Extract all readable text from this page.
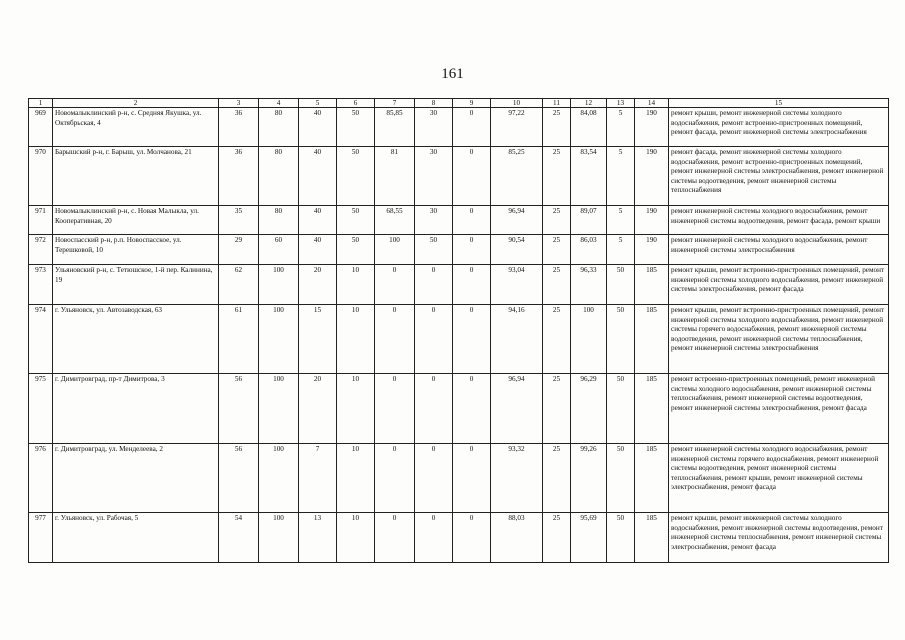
161
1	2	3	4	5	6	7	8	9	10	11	12	13	14	15
969	Новомалыклинский р-н, с. Средняя Якушка, ул. Октябрьская, 4	36	80	40	50	85,85	30	0	97,22	25	84,08	5	190	ремонт крыши, ремонт инженерной системы холодного водоснабжения, ремонт встроенно-пристроенных помещений, ремонт фасада, ремонт инженерной системы электроснабжения
970	Барышский р-н, г. Барыш, ул. Молчанова, 21	36	80	40	50	81	30	0	85,25	25	83,54	5	190	ремонт фасада, ремонт инженерной системы холодного водоснабжения, ремонт встроенно-пристроенных помещений, ремонт инженерной системы электроснабжения, ремонт инженерной системы водоотведения, ремонт инженерной системы теплоснабжения
971	Новомалыклинский р-н, с. Новая Малыкла, ул. Кооперативная, 20	35	80	40	50	68,55	30	0	96,94	25	89,07	5	190	ремонт инженерной системы холодного водоснабжения, ремонт инженерной системы водоотведения, ремонт фасада, ремонт крыши
972	Новоспасский р-н, р.п. Новоспасское, ул. Терешковой, 10	29	60	40	50	100	50	0	90,54	25	86,03	5	190	ремонт инженерной системы холодного водоснабжения, ремонт инженерной системы электроснабжения
973	Ульяновский р-н, с. Тетюшское, 1-й пер. Калинина, 19	62	100	20	10	0	0	0	93,04	25	96,33	50	185	ремонт крыши, ремонт встроенно-пристроенных помещений, ремонт инженерной системы холодного водоснабжения, ремонт инженерной системы электроснабжения, ремонт фасада
974	г. Ульяновск, ул. Автозаводская, 63	61	100	15	10	0	0	0	94,16	25	100	50	185	ремонт крыши, ремонт встроенно-пристроенных помещений, ремонт инженерной системы холодного водоснабжения, ремонт инженерной системы горячего водоснабжения, ремонт инженерной системы водоотведения, ремонт инженерной системы теплоснабжения, ремонт инженерной системы электроснабжения
975	г. Димитровград, пр-т Димитрова, 3	56	100	20	10	0	0	0	96,94	25	96,29	50	185	ремонт встроенно-пристроенных помещений, ремонт инженерной системы холодного водоснабжения, ремонт инженерной системы теплоснабжения, ремонт инженерной системы водоотведения, ремонт инженерной системы электроснабжения, ремонт фасада
976	г. Димитровград, ул. Менделеева, 2	56	100	7	10	0	0	0	93,32	25	99,26	50	185	ремонт инженерной системы холодного водоснабжения, ремонт инженерной системы горячего водоснабжения, ремонт инженерной системы водоотведения, ремонт инженерной системы теплоснабжения, ремонт крыши, ремонт инженерной системы электроснабжения, ремонт фасада
977	г. Ульяновск, ул. Рабочая, 5	54	100	13	10	0	0	0	88,03	25	95,69	50	185	ремонт крыши, ремонт инженерной системы холодного водоснабжения, ремонт инженерной системы водоотведения, ремонт инженерной системы теплоснабжения, ремонт инженерной системы электроснабжения, ремонт фасада
